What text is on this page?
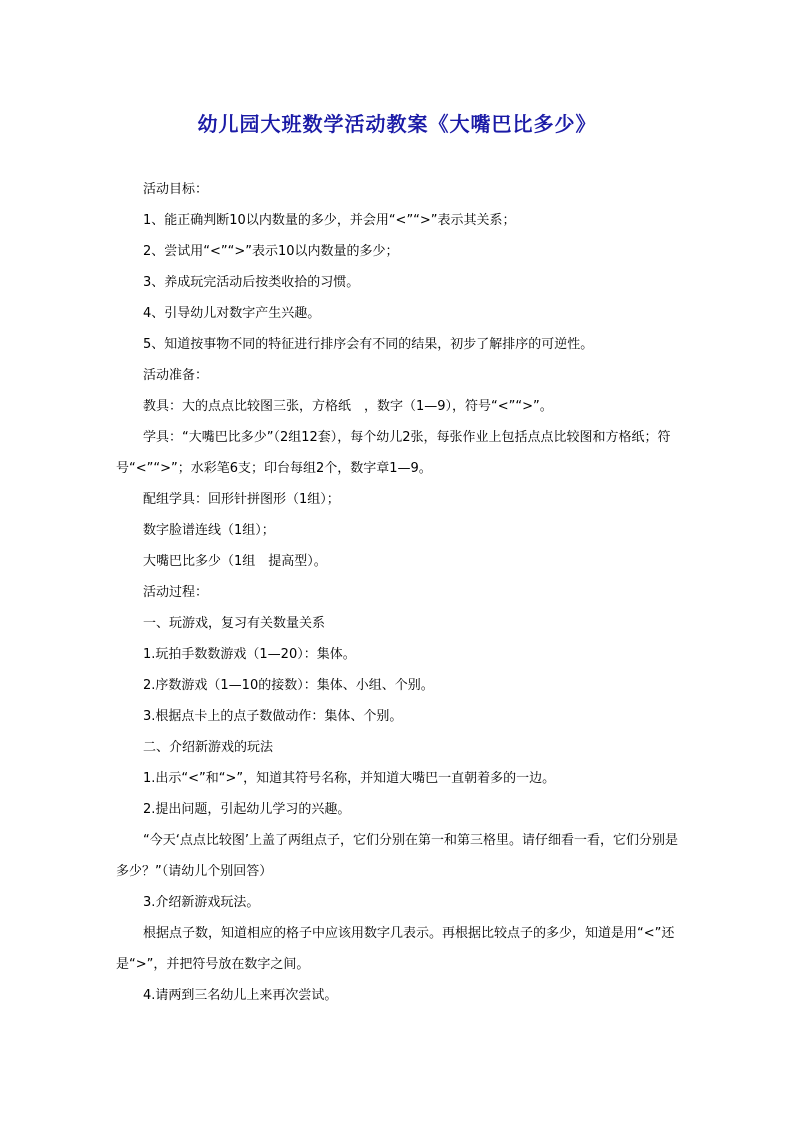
幼儿园大班数学活动教案《大嘴巴比多少》

活动目标：

1、能正确判断10以内数量的多少，并会用“<”“>”表示其关系；

2、尝试用“<”“>”表示10以内数量的多少；

3、养成玩完活动后按类收拾的习惯。

4、引导幼儿对数字产生兴趣。

5、知道按事物不同的特征进行排序会有不同的结果，初步了解排序的可逆性。

活动准备：

教具：大的点点比较图三张，方格纸　，数字（1—9），符号“<”“>”。

学具：“大嘴巴比多少”（2组12套），每个幼儿2张，每张作业上包括点点比较图和方格纸；符号“<”“>”；水彩笔6支；印台每组2个，数字章1—9。

配组学具：回形针拼图形（1组）；

数字脸谱连线（1组）；

大嘴巴比多少（1组　提高型）。

活动过程：

一、玩游戏，复习有关数量关系

1.玩拍手数数游戏（1—20）：集体。

2.序数游戏（1—10的接数）：集体、小组、个别。

3.根据点卡上的点子数做动作：集体、个别。

二、介绍新游戏的玩法

1.出示“<”和“>”，知道其符号名称，并知道大嘴巴一直朝着多的一边。

2.提出问题，引起幼儿学习的兴趣。

“今天‘点点比较图’上盖了两组点子，它们分别在第一和第三格里。请仔细看一看，它们分别是多少？”（请幼儿个别回答）

3.介绍新游戏玩法。

根据点子数，知道相应的格子中应该用数字几表示。再根据比较点子的多少，知道是用“<”还是“>”，并把符号放在数字之间。

4.请两到三名幼儿上来再次尝试。
